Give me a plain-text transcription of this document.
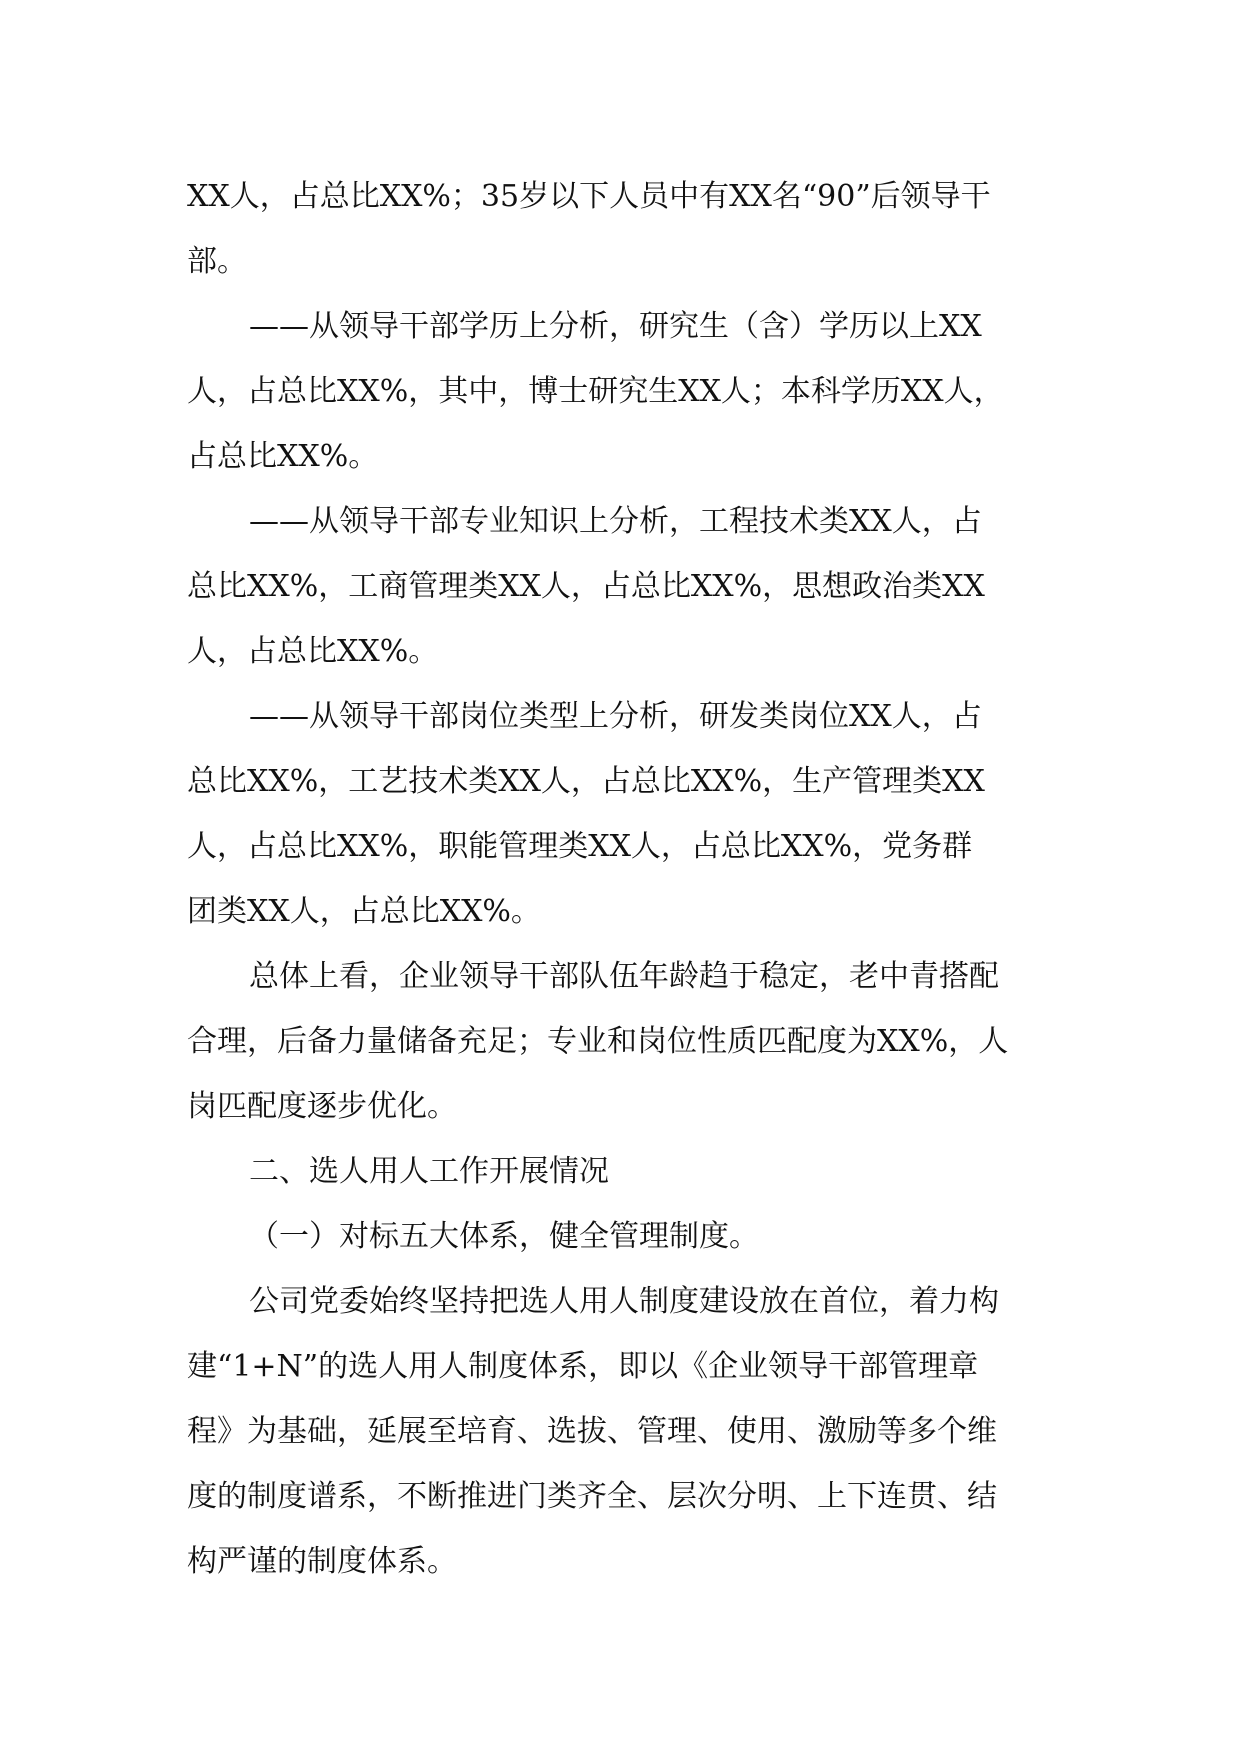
XX人，占总比XX%；35岁以下人员中有XX名“90”后领导干
部。

——从领导干部学历上分析，研究生（含）学历以上XX
人，占总比XX%，其中，博士研究生XX人；本科学历XX人，
占总比XX%。

——从领导干部专业知识上分析，工程技术类XX人，占
总比XX%，工商管理类XX人，占总比XX%，思想政治类XX
人，占总比XX%。

——从领导干部岗位类型上分析，研发类岗位XX人，占
总比XX%，工艺技术类XX人，占总比XX%，生产管理类XX
人，占总比XX%，职能管理类XX人，占总比XX%，党务群
团类XX人，占总比XX%。

总体上看，企业领导干部队伍年龄趋于稳定，老中青搭配
合理，后备力量储备充足；专业和岗位性质匹配度为XX%，人
岗匹配度逐步优化。

二、选人用人工作开展情况

（一）对标五大体系，健全管理制度。

公司党委始终坚持把选人用人制度建设放在首位，着力构
建“1+N”的选人用人制度体系，即以《企业领导干部管理章
程》为基础，延展至培育、选拔、管理、使用、激励等多个维
度的制度谱系，不断推进门类齐全、层次分明、上下连贯、结
构严谨的制度体系。
